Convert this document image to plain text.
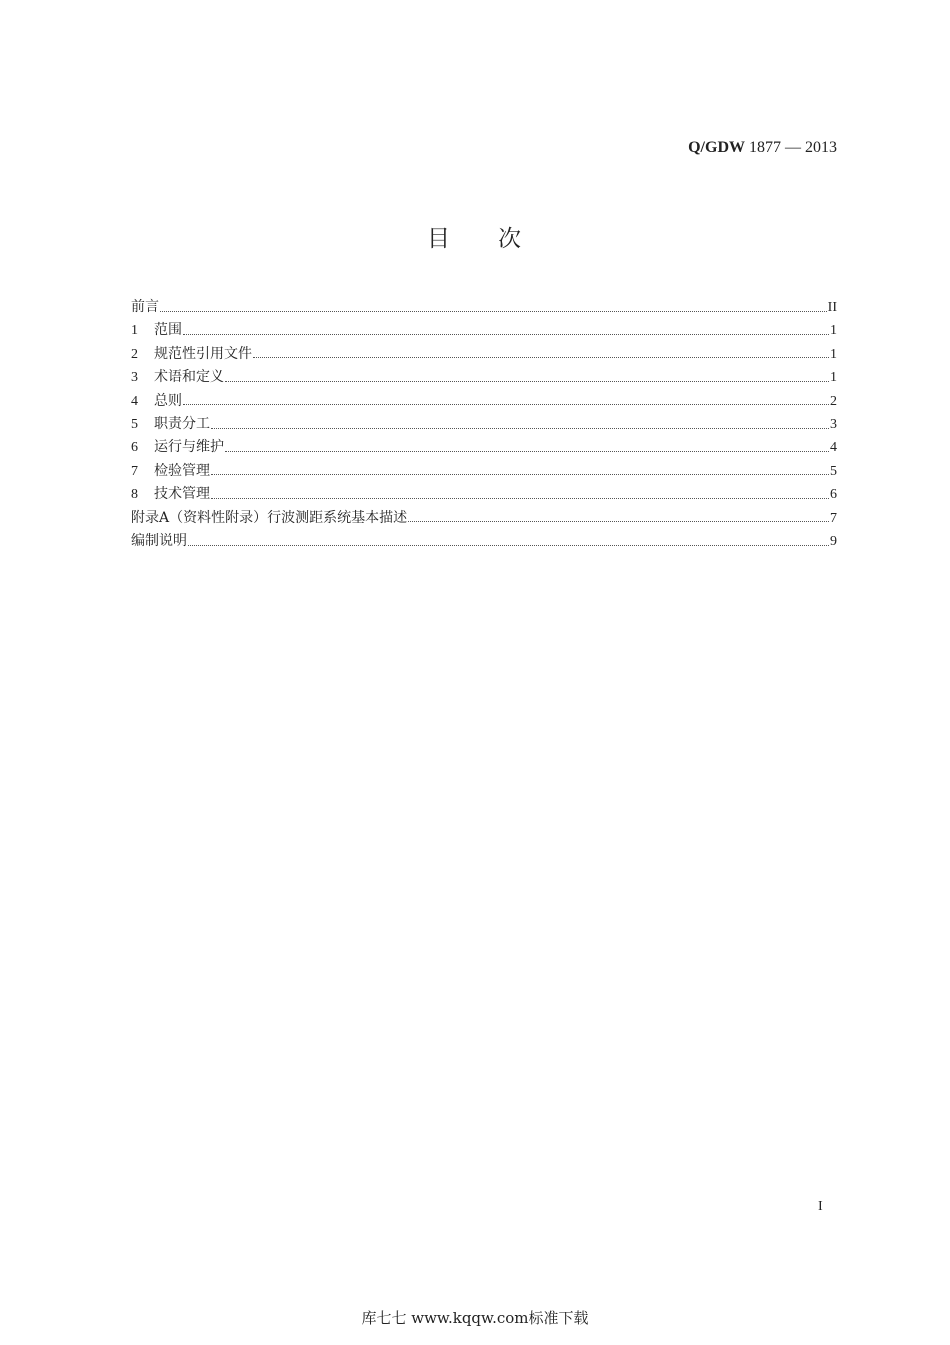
Q/GDW 1877 — 2013
目 次
前言	II
1	范围	1
2	规范性引用文件	1
3	术语和定义	1
4	总则	2
5	职责分工	3
6	运行与维护	4
7	检验管理	5
8	技术管理	6
附录A（资料性附录）行波测距系统基本描述	7
编制说明	9
I
库七七 www.kqqw.com标准下载
